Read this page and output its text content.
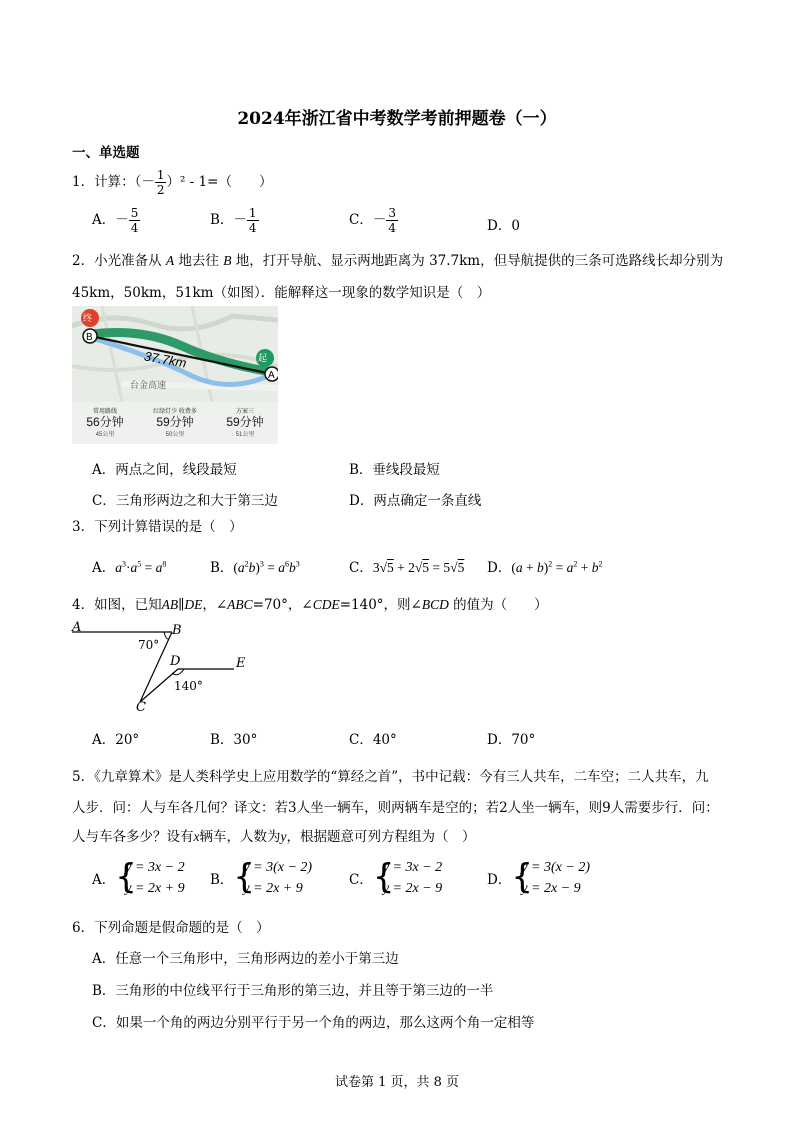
2024年浙江省中考数学考前押题卷（一）
一、单选题
1．计算：（－ $\frac{1}{2} )^2 - 1=$（　　）
A．－ $\frac{5}{4}$	B．－ $\frac{1}{4}$	C．－ $\frac{3}{4}$	D．0
2．小光准备从 A 地去往 B 地，打开导航、显示两地距离为 37.7km，但导航提供的三条可选路线长却分别为
45km，50km，51km（如图）．能解释这一现象的数学知识是（　）
B
A
终
起
37.7km
台金高速
常用路线
56分钟
45公里
红绿灯少 收费多
59分钟
50公里
方案三
59分钟
51公里
A．两点之间，线段最短	B．垂线段最短
C．三角形两边之和大于第三边	D．两点确定一条直线
3．下列计算错误的是（　）
A．$a^3\cdot a^5 = a^8$	B．$(a^2b)^3 = a^6b^3$	C．3√5 + 2√5 = 5√5 D．$(a + b)^2 = a^2 + b^2$
4．如图，已知AB∥DE，∠ABC=70°，∠CDE=140°，则∠BCD 的值为（　　）
A	B
D	E
C
70°
140°
A．20°	B．30°	C．40°	D．70°
5．《九章算术》是人类科学史上应用数学的“算经之首”，书中记载：今有三人共车，二车空；二人共车，九
人步．问：人与车各几何？译文：若3人坐一辆车，则两辆车是空的；若2人坐一辆车，则9人需要步行．问：
人与车各多少？设有x辆车，人数为y，根据题意可列方程组为（　）
A． {
y = 3x − 2
y = 2x + 9
B． {
y = 3(x − 2)
y = 2x + 9
C． {
y = 3x − 2
y = 2x − 9
D． {
y = 3(x − 2)
y = 2x − 9
6．下列命题是假命题的是（　）
A．任意一个三角形中，三角形两边的差小于第三边
B．三角形的中位线平行于三角形的第三边，并且等于第三边的一半
C．如果一个角的两边分别平行于另一个角的两边，那么这两个角一定相等
试卷第 1 页，共 8 页
